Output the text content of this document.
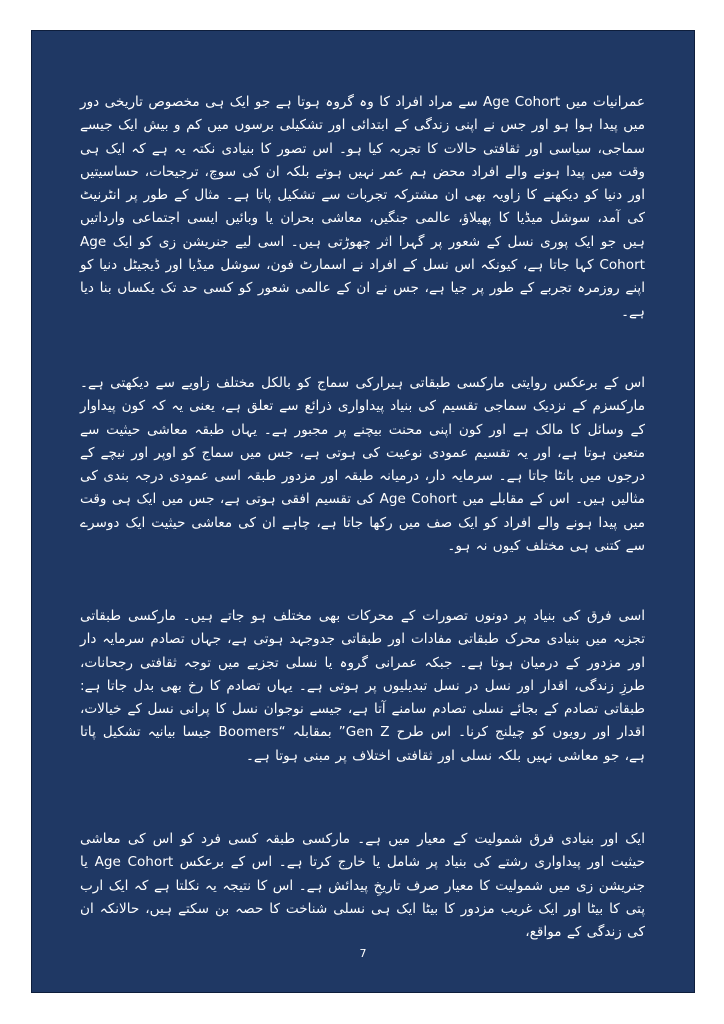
عمرانیات میں Age Cohort سے مراد افراد کا وہ گروہ ہوتا ہے جو ایک ہی مخصوص تاریخی دور میں پیدا ہوا ہو اور جس نے اپنی زندگی کے ابتدائی اور تشکیلی برسوں میں کم و بیش ایک جیسے سماجی، سیاسی اور ثقافتی حالات کا تجربہ کیا ہو۔ اس تصور کا بنیادی نکتہ یہ ہے کہ ایک ہی وقت میں پیدا ہونے والے افراد محض ہم عمر نہیں ہوتے بلکہ ان کی سوچ، ترجیحات، حساسیتیں اور دنیا کو دیکھنے کا زاویہ بھی ان مشترکہ تجربات سے تشکیل پاتا ہے۔ مثال کے طور پر انٹرنیٹ کی آمد، سوشل میڈیا کا پھیلاؤ، عالمی جنگیں، معاشی بحران یا وبائیں ایسی اجتماعی وارداتیں ہیں جو ایک پوری نسل کے شعور پر گہرا اثر چھوڑتی ہیں۔ اسی لیے جنریشن زی کو ایک Age Cohort کہا جاتا ہے، کیونکہ اس نسل کے افراد نے اسمارٹ فون، سوشل میڈیا اور ڈیجیٹل دنیا کو اپنے روزمرہ تجربے کے طور پر جیا ہے، جس نے ان کے عالمی شعور کو کسی حد تک یکساں بنا دیا ہے۔

اس کے برعکس روایتی مارکسی طبقاتی ہیرارکی سماج کو بالکل مختلف زاویے سے دیکھتی ہے۔ مارکسزم کے نزدیک سماجی تقسیم کی بنیاد پیداواری ذرائع سے تعلق ہے، یعنی یہ کہ کون پیداوار کے وسائل کا مالک ہے اور کون اپنی محنت بیچنے پر مجبور ہے۔ یہاں طبقہ معاشی حیثیت سے متعین ہوتا ہے، اور یہ تقسیم عمودی نوعیت کی ہوتی ہے، جس میں سماج کو اوپر اور نیچے کے درجوں میں بانٹا جاتا ہے۔ سرمایہ دار، درمیانہ طبقہ اور مزدور طبقہ اسی عمودی درجہ بندی کی مثالیں ہیں۔ اس کے مقابلے میں Age Cohort کی تقسیم افقی ہوتی ہے، جس میں ایک ہی وقت میں پیدا ہونے والے افراد کو ایک صف میں رکھا جاتا ہے، چاہے ان کی معاشی حیثیت ایک دوسرے سے کتنی ہی مختلف کیوں نہ ہو۔

اسی فرق کی بنیاد پر دونوں تصورات کے محرکات بھی مختلف ہو جاتے ہیں۔ مارکسی طبقاتی تجزیہ میں بنیادی محرک طبقاتی مفادات اور طبقاتی جدوجہد ہوتی ہے، جہاں تصادم سرمایہ دار اور مزدور کے درمیان ہوتا ہے۔ جبکہ عمرانی گروہ یا نسلی تجزیے میں توجہ ثقافتی رجحانات، طرزِ زندگی، اقدار اور نسل در نسل تبدیلیوں پر ہوتی ہے۔ یہاں تصادم کا رخ بھی بدل جاتا ہے: طبقاتی تصادم کے بجائے نسلی تصادم سامنے آتا ہے، جیسے نوجوان نسل کا پرانی نسل کے خیالات، اقدار اور رویوں کو چیلنج کرنا۔ اس طرح Gen Z” بمقابلہ “Boomers جیسا بیانیہ تشکیل پاتا ہے، جو معاشی نہیں بلکہ نسلی اور ثقافتی اختلاف پر مبنی ہوتا ہے۔

ایک اور بنیادی فرق شمولیت کے معیار میں ہے۔ مارکسی طبقہ کسی فرد کو اس کی معاشی حیثیت اور پیداواری رشتے کی بنیاد پر شامل یا خارج کرتا ہے۔ اس کے برعکس Age Cohort یا جنریشن زی میں شمولیت کا معیار صرف تاریخِ پیدائش ہے۔ اس کا نتیجہ یہ نکلتا ہے کہ ایک ارب پتی کا بیٹا اور ایک غریب مزدور کا بیٹا ایک ہی نسلی شناخت کا حصہ بن سکتے ہیں، حالانکہ ان کی زندگی کے مواقع،

7
